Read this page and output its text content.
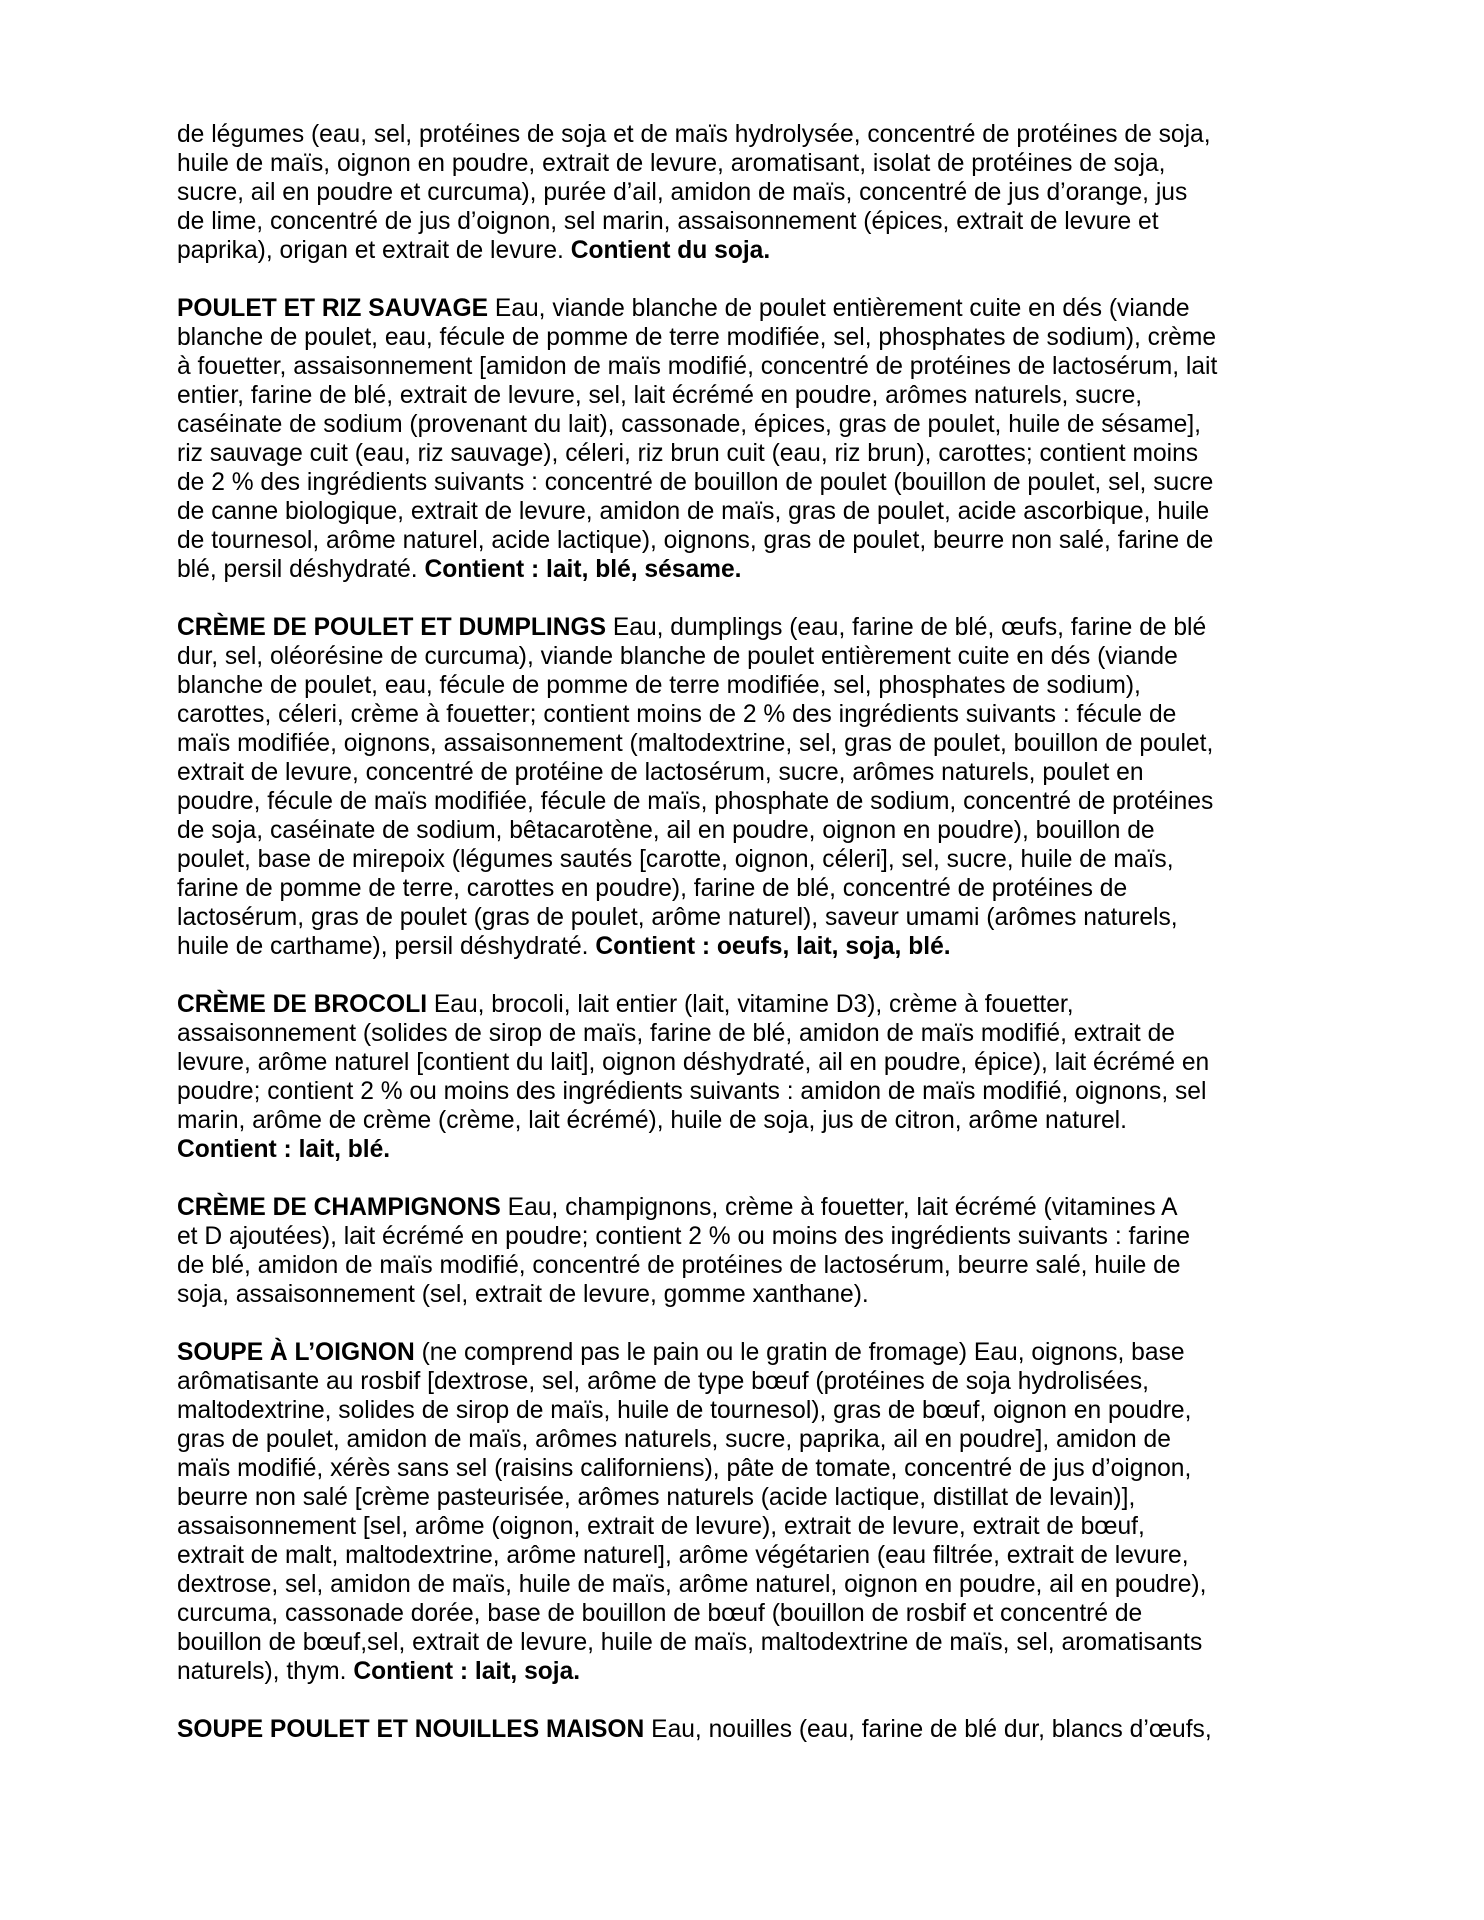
de légumes (eau, sel, protéines de soja et de maïs hydrolysée, concentré de protéines de soja,
huile de maïs, oignon en poudre, extrait de levure, aromatisant, isolat de protéines de soja,
sucre, ail en poudre et curcuma), purée d’ail, amidon de maïs, concentré de jus d’orange, jus
de lime, concentré de jus d’oignon, sel marin, assaisonnement (épices, extrait de levure et
paprika), origan et extrait de levure. Contient du soja.
POULET ET RIZ SAUVAGE Eau, viande blanche de poulet entièrement cuite en dés (viande
blanche de poulet, eau, fécule de pomme de terre modifiée, sel, phosphates de sodium), crème
à fouetter, assaisonnement [amidon de maïs modifié, concentré de protéines de lactosérum, lait
entier, farine de blé, extrait de levure, sel, lait écrémé en poudre, arômes naturels, sucre,
caséinate de sodium (provenant du lait), cassonade, épices, gras de poulet, huile de sésame],
riz sauvage cuit (eau, riz sauvage), céleri, riz brun cuit (eau, riz brun), carottes; contient moins
de 2 % des ingrédients suivants : concentré de bouillon de poulet (bouillon de poulet, sel, sucre
de canne biologique, extrait de levure, amidon de maïs, gras de poulet, acide ascorbique, huile
de tournesol, arôme naturel, acide lactique), oignons, gras de poulet, beurre non salé, farine de
blé, persil déshydraté. Contient : lait, blé, sésame.
CRÈME DE POULET ET DUMPLINGS Eau, dumplings (eau, farine de blé, œufs, farine de blé
dur, sel, oléorésine de curcuma), viande blanche de poulet entièrement cuite en dés (viande
blanche de poulet, eau, fécule de pomme de terre modifiée, sel, phosphates de sodium),
carottes, céleri, crème à fouetter; contient moins de 2 % des ingrédients suivants : fécule de
maïs modifiée, oignons, assaisonnement (maltodextrine, sel, gras de poulet, bouillon de poulet,
extrait de levure, concentré de protéine de lactosérum, sucre, arômes naturels, poulet en
poudre, fécule de maïs modifiée, fécule de maïs, phosphate de sodium, concentré de protéines
de soja, caséinate de sodium, bêtacarotène, ail en poudre, oignon en poudre), bouillon de
poulet, base de mirepoix (légumes sautés [carotte, oignon, céleri], sel, sucre, huile de maïs,
farine de pomme de terre, carottes en poudre), farine de blé, concentré de protéines de
lactosérum, gras de poulet (gras de poulet, arôme naturel), saveur umami (arômes naturels,
huile de carthame), persil déshydraté. Contient : oeufs, lait, soja, blé.
CRÈME DE BROCOLI Eau, brocoli, lait entier (lait, vitamine D3), crème à fouetter,
assaisonnement (solides de sirop de maïs, farine de blé, amidon de maïs modifié, extrait de
levure, arôme naturel [contient du lait], oignon déshydraté, ail en poudre, épice), lait écrémé en
poudre; contient 2 % ou moins des ingrédients suivants : amidon de maïs modifié, oignons, sel
marin, arôme de crème (crème, lait écrémé), huile de soja, jus de citron, arôme naturel.
Contient : lait, blé.
CRÈME DE CHAMPIGNONS Eau, champignons, crème à fouetter, lait écrémé (vitamines A
et D ajoutées), lait écrémé en poudre; contient 2 % ou moins des ingrédients suivants : farine
de blé, amidon de maïs modifié, concentré de protéines de lactosérum, beurre salé, huile de
soja, assaisonnement (sel, extrait de levure, gomme xanthane).
SOUPE À L’OIGNON (ne comprend pas le pain ou le gratin de fromage) Eau, oignons, base
arômatisante au rosbif [dextrose, sel, arôme de type bœuf (protéines de soja hydrolisées,
maltodextrine, solides de sirop de maïs, huile de tournesol), gras de bœuf, oignon en poudre,
gras de poulet, amidon de maïs, arômes naturels, sucre, paprika, ail en poudre], amidon de
maïs modifié, xérès sans sel (raisins californiens), pâte de tomate, concentré de jus d’oignon,
beurre non salé [crème pasteurisée, arômes naturels (acide lactique, distillat de levain)],
assaisonnement [sel, arôme (oignon, extrait de levure), extrait de levure, extrait de bœuf,
extrait de malt, maltodextrine, arôme naturel], arôme végétarien (eau filtrée, extrait de levure,
dextrose, sel, amidon de maïs, huile de maïs, arôme naturel, oignon en poudre, ail en poudre),
curcuma, cassonade dorée, base de bouillon de bœuf (bouillon de rosbif et concentré de
bouillon de bœuf,sel, extrait de levure, huile de maïs, maltodextrine de maïs, sel, aromatisants
naturels), thym. Contient : lait, soja.
SOUPE POULET ET NOUILLES MAISON Eau, nouilles (eau, farine de blé dur, blancs d’œufs,
